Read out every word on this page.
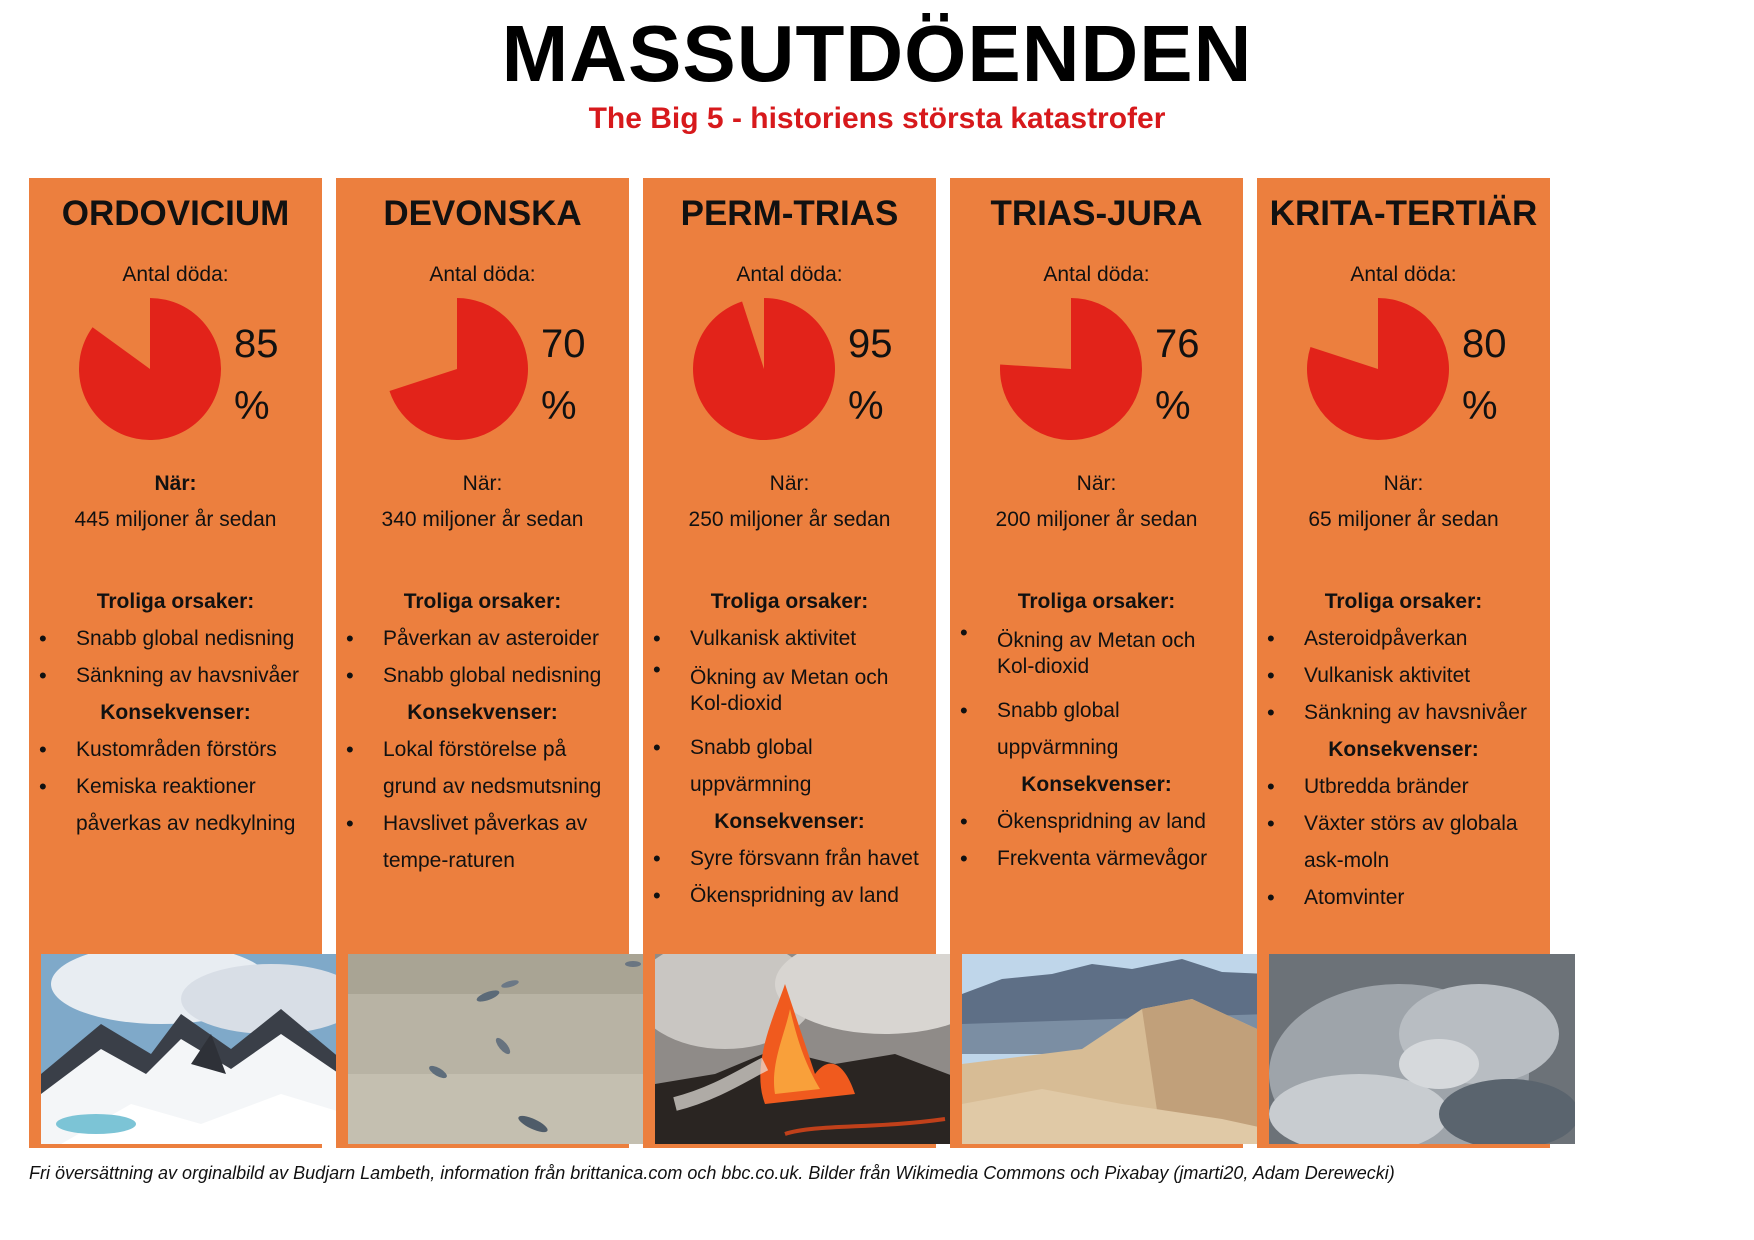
MASSUTDÖENDEN
The Big 5 - historiens största katastrofer
ORDOVICIUM
Antal döda:
85
%
När:
445 miljoner år sedan
Troliga orsaker:
• Snabb global nedisning
• Sänkning av havsnivåer
Konsekvenser:
• Kustområden förstörs
• Kemiska reaktioner påverkas av nedkylning
DEVONSKA
Antal döda:
70
%
När:
340 miljoner år sedan
Troliga orsaker:
• Påverkan av asteroider
• Snabb global nedisning
Konsekvenser:
• Lokal förstörelse på grund av nedsmutsning
• Havslivet påverkas av tempe-raturen
PERM-TRIAS
Antal döda:
95
%
När:
250 miljoner år sedan
Troliga orsaker:
• Vulkanisk aktivitet
• Ökning av Metan och Kol-dioxid
• Snabb global uppvärmning
Konsekvenser:
• Syre försvann från havet
• Ökenspridning av land
TRIAS-JURA
Antal döda:
76
%
När:
200 miljoner år sedan
Troliga orsaker:
• Ökning av Metan och Kol-dioxid
• Snabb global uppvärmning
Konsekvenser:
• Ökenspridning av land
• Frekventa värmevågor
KRITA-TERTIÄR
Antal döda:
80
%
När:
65 miljoner år sedan
Troliga orsaker:
• Asteroidpåverkan
• Vulkanisk aktivitet
• Sänkning av havsnivåer
Konsekvenser:
• Utbredda bränder
• Växter störs av globala ask-moln
• Atomvinter
Fri översättning av orginalbild av Budjarn Lambeth, information från brittanica.com och bbc.co.uk. Bilder från Wikimedia Commons och Pixabay (jmarti20, Adam Derewecki)
